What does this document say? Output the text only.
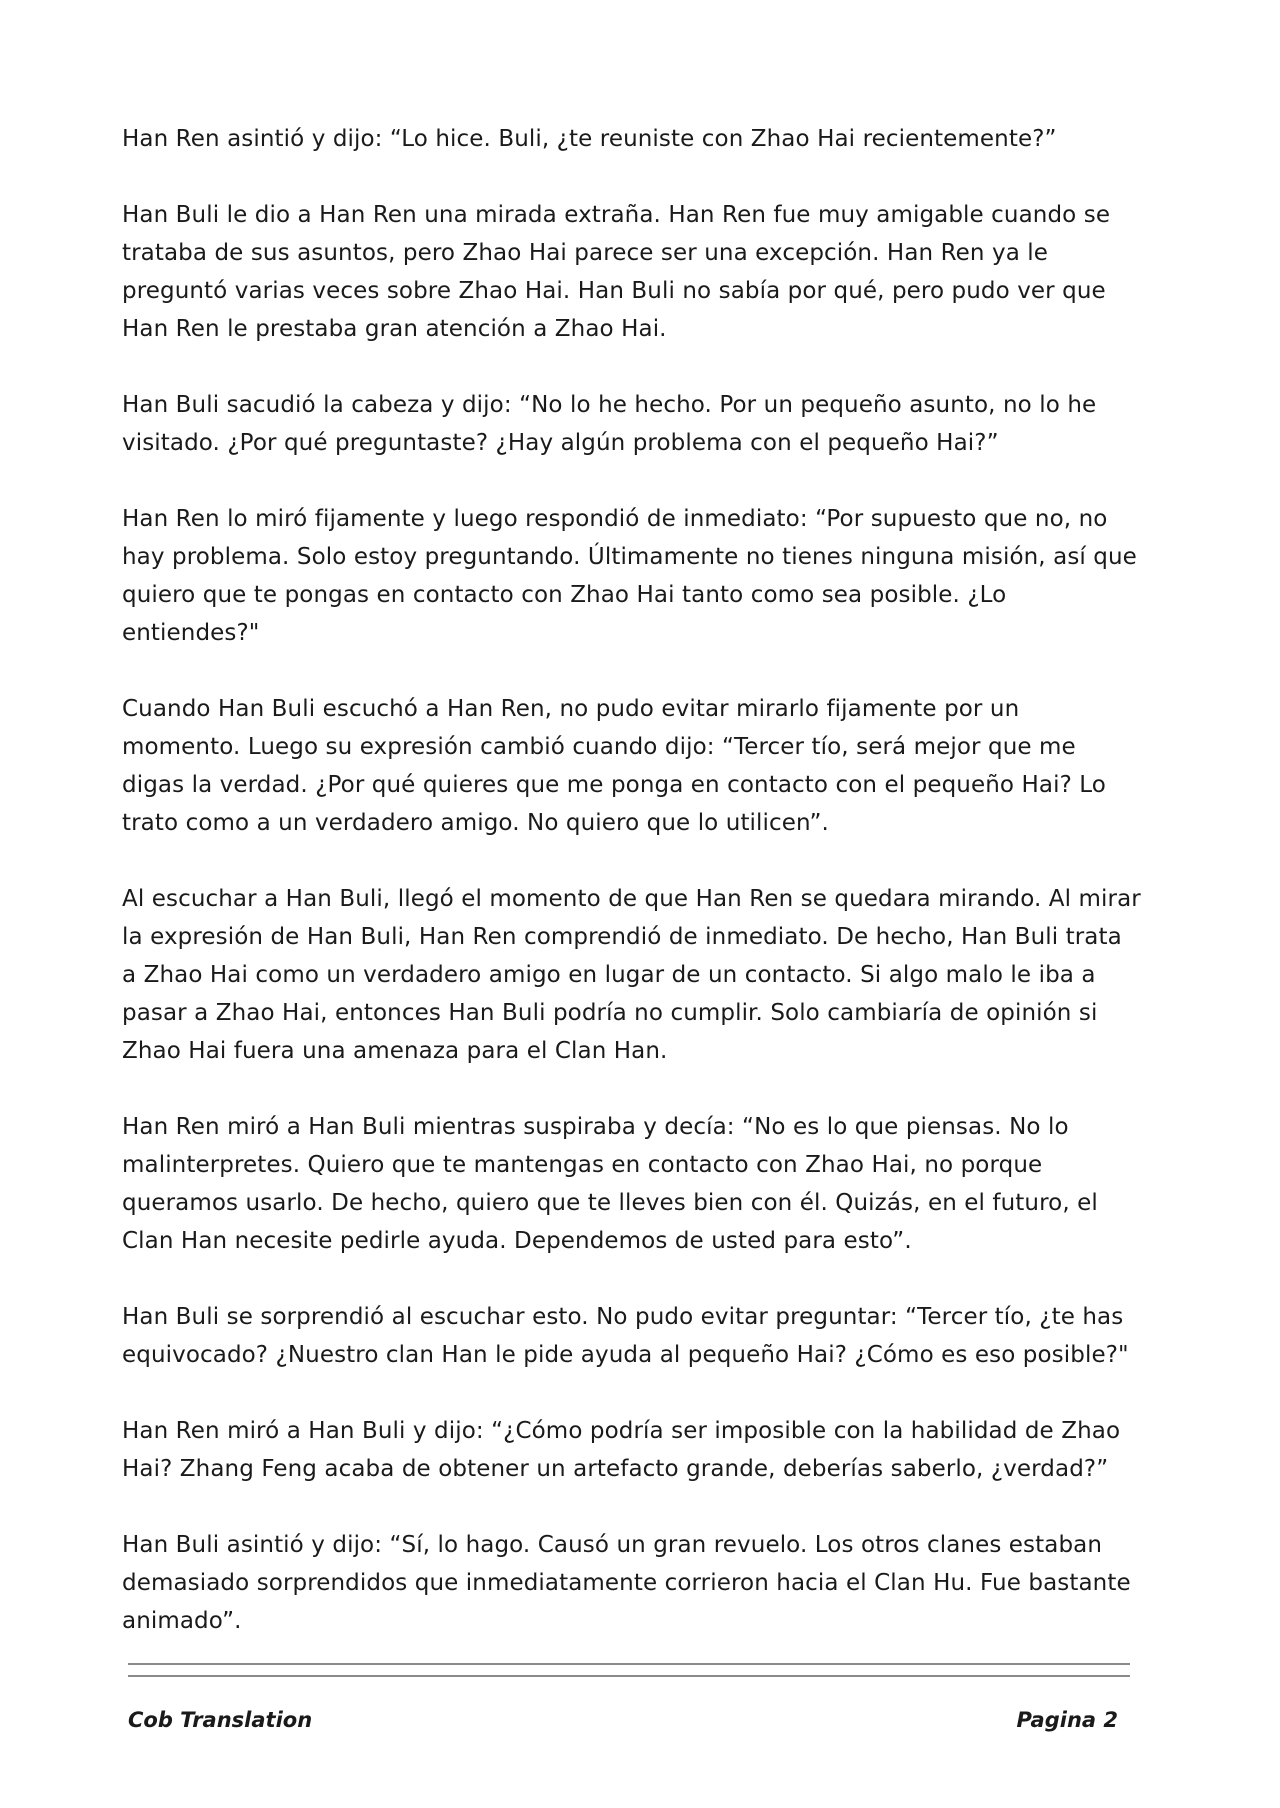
Han Ren asintió y dijo: “Lo hice. Buli, ¿te reuniste con Zhao Hai recientemente?”

Han Buli le dio a Han Ren una mirada extraña. Han Ren fue muy amigable cuando se trataba de sus asuntos, pero Zhao Hai parece ser una excepción. Han Ren ya le preguntó varias veces sobre Zhao Hai. Han Buli no sabía por qué, pero pudo ver que Han Ren le prestaba gran atención a Zhao Hai.

Han Buli sacudió la cabeza y dijo: “No lo he hecho. Por un pequeño asunto, no lo he visitado. ¿Por qué preguntaste? ¿Hay algún problema con el pequeño Hai?”

Han Ren lo miró fijamente y luego respondió de inmediato: “Por supuesto que no, no hay problema. Solo estoy preguntando. Últimamente no tienes ninguna misión, así que quiero que te pongas en contacto con Zhao Hai tanto como sea posible. ¿Lo entiendes?"

Cuando Han Buli escuchó a Han Ren, no pudo evitar mirarlo fijamente por un momento. Luego su expresión cambió cuando dijo: “Tercer tío, será mejor que me digas la verdad. ¿Por qué quieres que me ponga en contacto con el pequeño Hai? Lo trato como a un verdadero amigo. No quiero que lo utilicen”.

Al escuchar a Han Buli, llegó el momento de que Han Ren se quedara mirando. Al mirar la expresión de Han Buli, Han Ren comprendió de inmediato. De hecho, Han Buli trata a Zhao Hai como un verdadero amigo en lugar de un contacto. Si algo malo le iba a pasar a Zhao Hai, entonces Han Buli podría no cumplir. Solo cambiaría de opinión si Zhao Hai fuera una amenaza para el Clan Han.

Han Ren miró a Han Buli mientras suspiraba y decía: “No es lo que piensas. No lo malinterpretes. Quiero que te mantengas en contacto con Zhao Hai, no porque queramos usarlo. De hecho, quiero que te lleves bien con él. Quizás, en el futuro, el Clan Han necesite pedirle ayuda. Dependemos de usted para esto”.

Han Buli se sorprendió al escuchar esto. No pudo evitar preguntar: “Tercer tío, ¿te has equivocado? ¿Nuestro clan Han le pide ayuda al pequeño Hai? ¿Cómo es eso posible?"

Han Ren miró a Han Buli y dijo: “¿Cómo podría ser imposible con la habilidad de Zhao Hai? Zhang Feng acaba de obtener un artefacto grande, deberías saberlo, ¿verdad?”

Han Buli asintió y dijo: “Sí, lo hago. Causó un gran revuelo. Los otros clanes estaban demasiado sorprendidos que inmediatamente corrieron hacia el Clan Hu. Fue bastante animado”.

Cob Translation	Pagina 2
